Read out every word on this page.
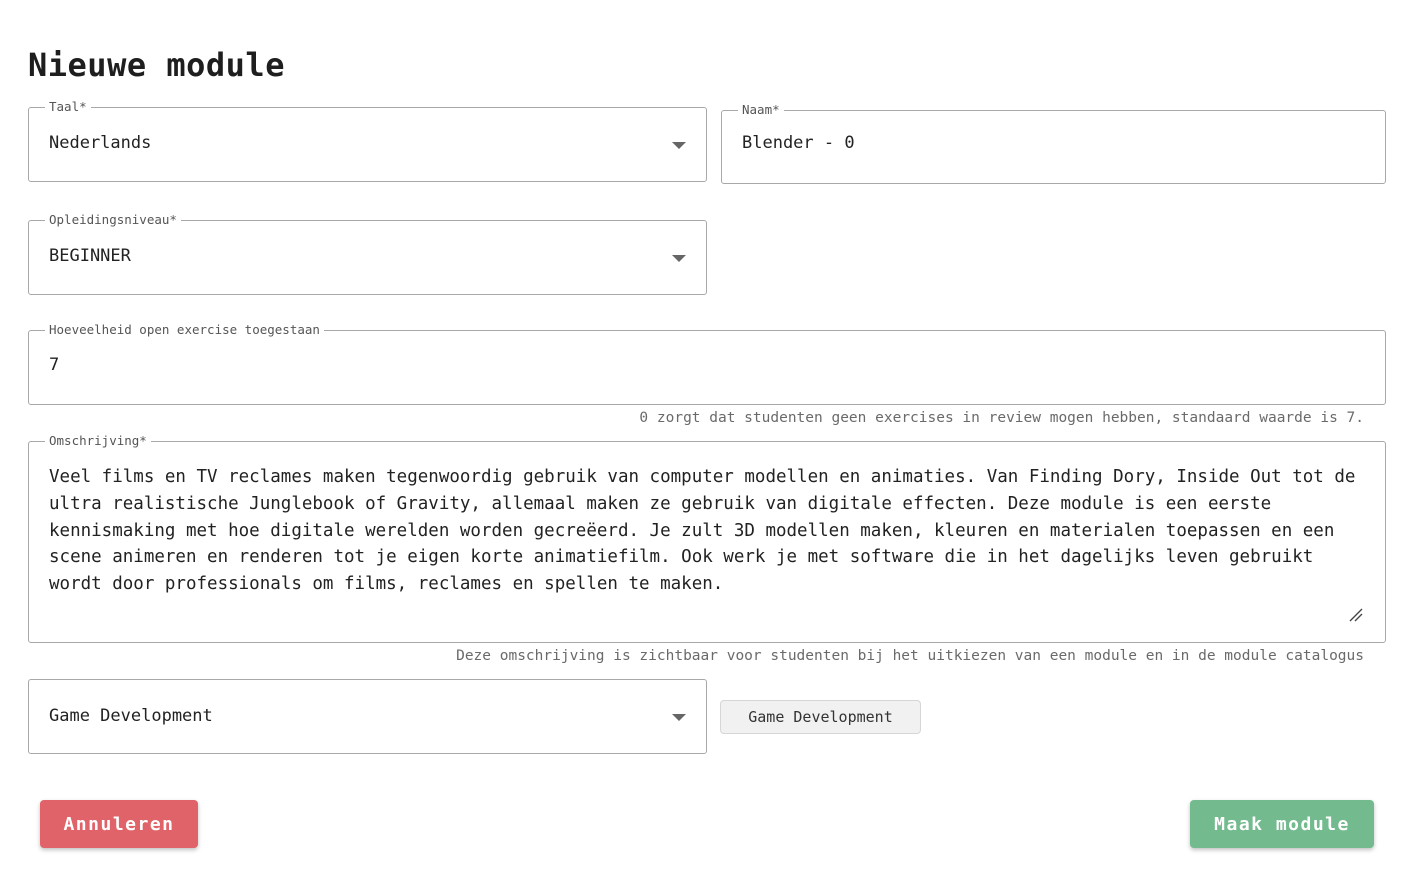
Nieuwe module
Taal*
Nederlands
Naam*
Blender - 0
Opleidingsniveau*
BEGINNER
Hoeveelheid open exercise toegestaan
7
0 zorgt dat studenten geen exercises in review mogen hebben, standaard waarde is 7.
Omschrijving*
Veel films en TV reclames maken tegenwoordig gebruik van computer modellen en animaties. Van Finding Dory, Inside Out tot de ultra realistische Junglebook of Gravity, allemaal maken ze gebruik van digitale effecten. Deze module is een eerste kennismaking met hoe digitale werelden worden gecreëerd. Je zult 3D modellen maken, kleuren en materialen toepassen en een scene animeren en renderen tot je eigen korte animatiefilm. Ook werk je met software die in het dagelijks leven gebruikt wordt door professionals om films, reclames en spellen te maken.
Deze omschrijving is zichtbaar voor studenten bij het uitkiezen van een module en in de module catalogus
Game Development	Game Development
Annuleren	Maak module
